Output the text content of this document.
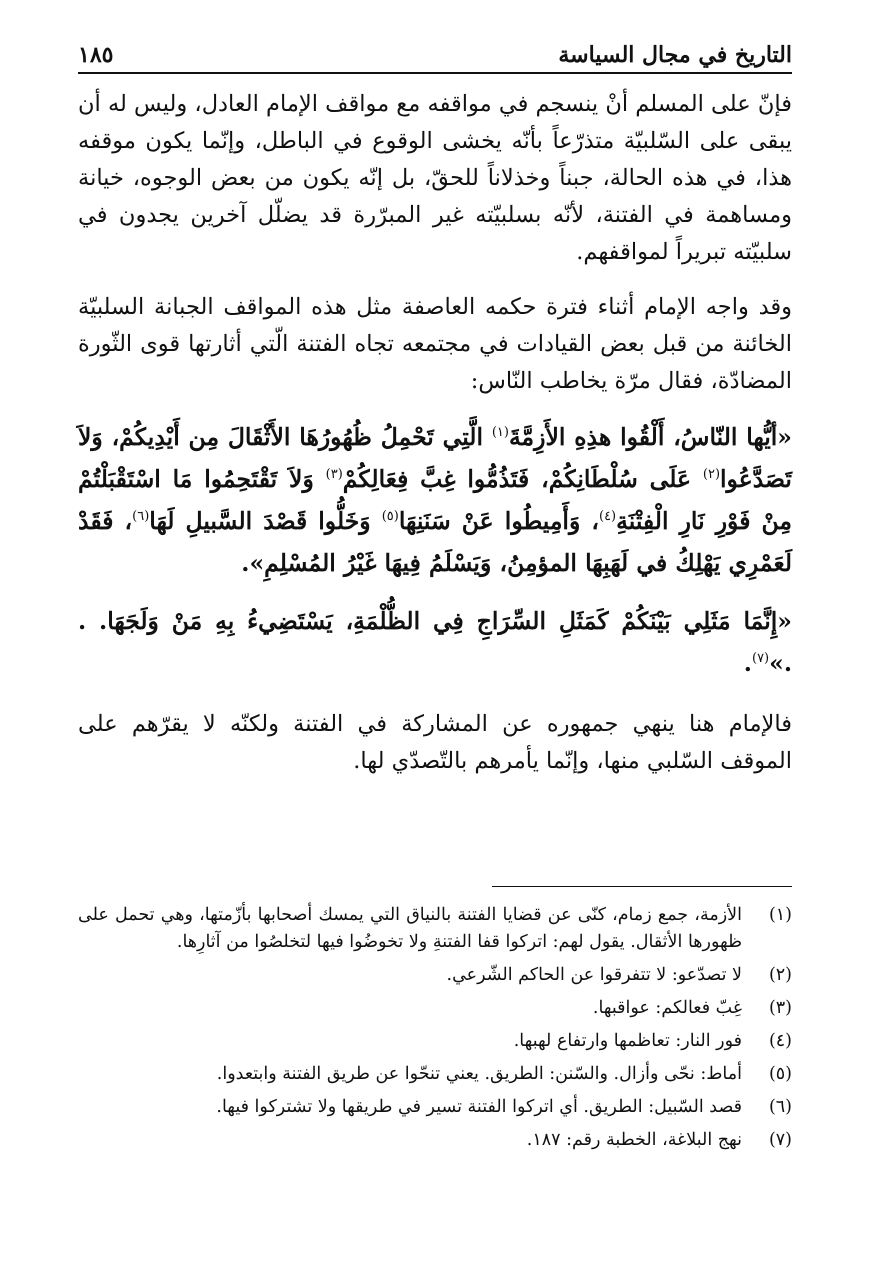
التاريخ في مجال السياسة
١٨٥

فإنّ على المسلم أنْ ينسجم في مواقفه مع مواقف الإمام العادل، وليس له أن يبقى على السّلبيّة متذرّعاً بأنّه يخشى الوقوع في الباطل، وإنّما يكون موقفه هذا، في هذه الحالة، جبناً وخذلاناً للحقّ، بل إنّه يكون من بعض الوجوه، خيانة ومساهمة في الفتنة، لأنّه بسلبيّته غير المبرّرة قد يضلّل آخرين يجدون في سلبيّته تبريراً لمواقفهم.

وقد واجه الإمام أثناء فترة حكمه العاصفة مثل هذه المواقف الجبانة السلبيّة الخائنة من قبل بعض القيادات في مجتمعه تجاه الفتنة الّتي أثارتها قوى الثّورة المضادّة، فقال مرّة يخاطب النّاس:

«أيُّها النّاسُ، أَلْقُوا هذِهِ الأَزِمَّةَ$^{(١)}$ الَّتِي تَحْمِلُ ظُهُورُهَا الأَثْقَالَ مِن أَيْدِيكُمْ، وَلاَ تَصَدَّعُوا$^{(٢)}$ عَلَى سُلْطَانِكُمْ، فَتَذُمُّوا غِبَّ فِعَالِكُمْ$^{(٣)}$ وَلاَ تَقْتَحِمُوا مَا اسْتَقْبَلْتُمْ مِنْ فَوْرِ نَارِ الْفِتْنَةِ$^{(٤)}$، وَأَمِيطُوا عَنْ سَنَنِهَا$^{(٥)}$ وَخَلُّوا قَصْدَ السَّبيلِ لَهَا$^{(٦)}$، فَقَدْ لَعَمْرِي يَهْلِكُ في لَهَبِهَا المؤمِنُ، وَيَسْلَمُ فِيهَا غَيْرُ المُسْلِمِ».

«إِنَّمَا مَثَلِي بَيْنَكُمْ كَمَثَلِ السِّرَاجِ فِي الظُّلْمَةِ، يَسْتَضِيءُ بِهِ مَنْ وَلَجَهَا. . .»$^{(٧)}$.

فالإمام هنا ينهي جمهوره عن المشاركة في الفتنة ولكنّه لا يقرّهم على الموقف السّلبي منها، وإنّما يأمرهم بالتّصدّي لها.

(١)
الأزمة، جمع زمام، كنّى عن قضايا الفتنة بالنياق التي يمسك أصحابها بأزّمتها، وهي تحمل على ظهورها الأثقال. يقول لهم: اتركوا قفا الفتنةِ ولا تخوضُوا فيها لتخلصُوا من آثارِها.
(٢)
لا تصدّعو: لا تتفرقوا عن الحاكم الشّرعي.
(٣)
غِبّ فعالكم: عواقبها.
(٤)
فور النار: تعاظمها وارتفاع لهبها.
(٥)
أماط: نحّى وأزال. والسّنن: الطريق. يعني تنحّوا عن طريق الفتنة وابتعدوا.
(٦)
قصد السّبيل: الطريق. أي اتركوا الفتنة تسير في طريقها ولا تشتركوا فيها.
(٧)
نهج البلاغة، الخطبة رقم: ١٨٧.
